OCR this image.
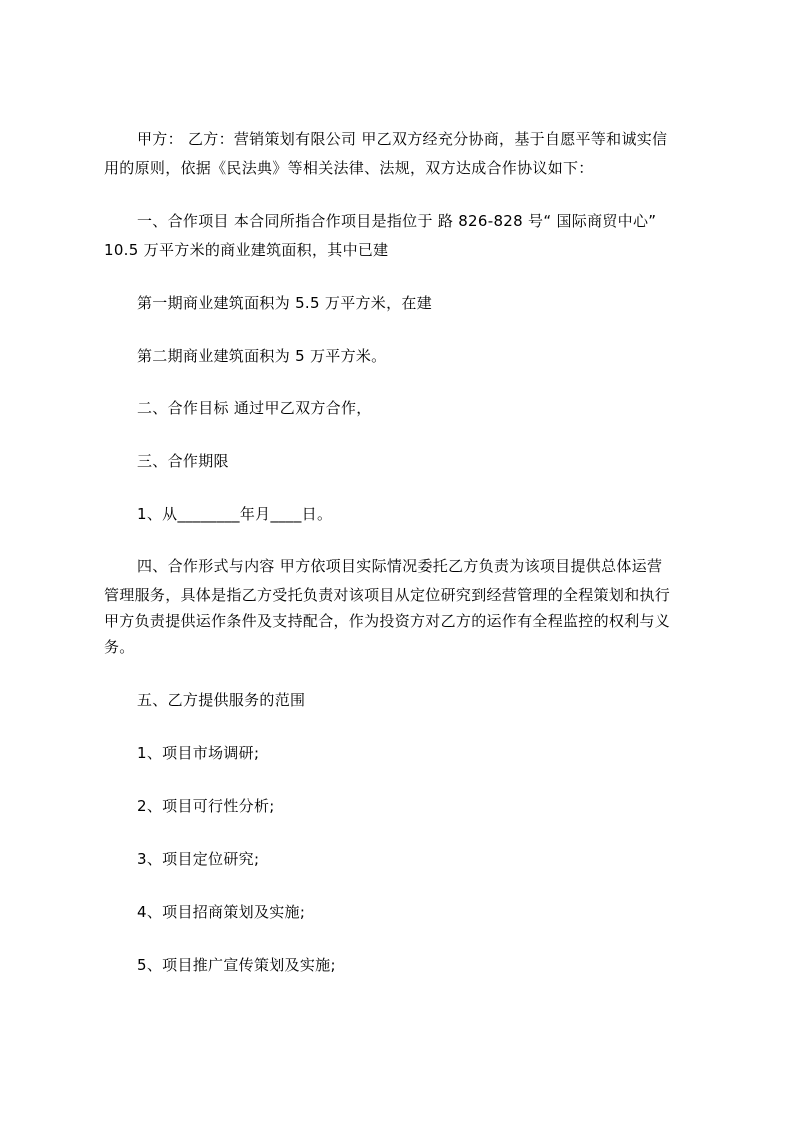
甲方： 乙方：营销策划有限公司 甲乙双方经充分协商，基于自愿平等和诚实信
用的原则，依据《民法典》等相关法律、法规，双方达成合作协议如下：
一、合作项目 本合同所指合作项目是指位于 路 826-828 号“ 国际商贸中心”
10.5 万平方米的商业建筑面积，其中已建
第一期商业建筑面积为 5.5 万平方米，在建
第二期商业建筑面积为 5 万平方米。
二、合作目标 通过甲乙双方合作，
三、合作期限
1、从________年月____日。
四、合作形式与内容 甲方依项目实际情况委托乙方负责为该项目提供总体运营
管理服务，具体是指乙方受托负责对该项目从定位研究到经营管理的全程策划和执行
甲方负责提供运作条件及支持配合，作为投资方对乙方的运作有全程监控的权利与义
务。
五、乙方提供服务的范围
1、项目市场调研;
2、项目可行性分析;
3、项目定位研究;
4、项目招商策划及实施;
5、项目推广宣传策划及实施;
